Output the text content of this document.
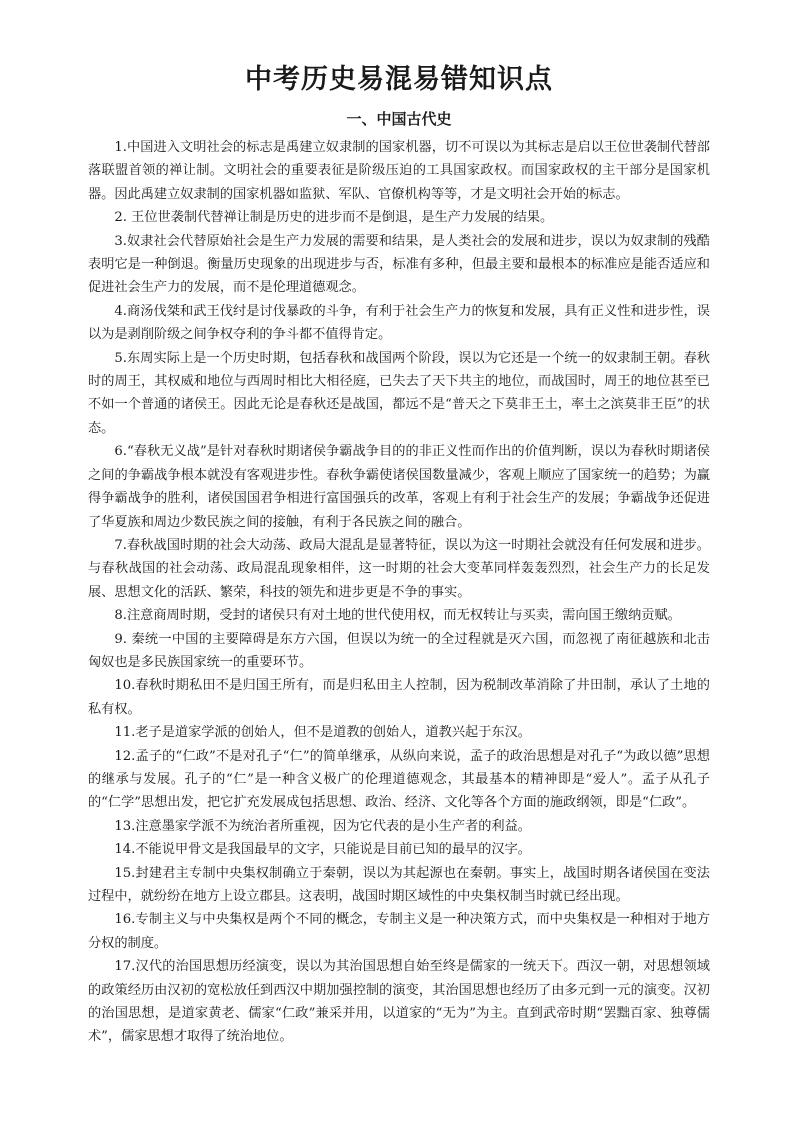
中考历史易混易错知识点
一、中国古代史

1.中国进入文明社会的标志是禹建立奴隶制的国家机器，切不可误以为其标志是启以王位世袭制代替部落联盟首领的禅让制。文明社会的重要表征是阶级压迫的工具国家政权。而国家政权的主干部分是国家机器。因此禹建立奴隶制的国家机器如监狱、军队、官僚机构等等，才是文明社会开始的标志。

2. 王位世袭制代替禅让制是历史的进步而不是倒退，是生产力发展的结果。

3.奴隶社会代替原始社会是生产力发展的需要和结果，是人类社会的发展和进步，误以为奴隶制的残酷表明它是一种倒退。衡量历史现象的出现进步与否，标准有多种，但最主要和最根本的标准应是能否适应和促进社会生产力的发展，而不是伦理道德观念。

4.商汤伐桀和武王伐纣是讨伐暴政的斗争，有利于社会生产力的恢复和发展，具有正义性和进步性，误以为是剥削阶级之间争权夺利的争斗都不值得肯定。

5.东周实际上是一个历史时期，包括春秋和战国两个阶段，误以为它还是一个统一的奴隶制王朝。春秋时的周王，其权威和地位与西周时相比大相径庭，已失去了天下共主的地位，而战国时，周王的地位甚至已不如一个普通的诸侯王。因此无论是春秋还是战国，都远不是“普天之下莫非王土，率土之滨莫非王臣”的状态。

6.“春秋无义战”是针对春秋时期诸侯争霸战争目的的非正义性而作出的价值判断，误以为春秋时期诸侯之间的争霸战争根本就没有客观进步性。春秋争霸使诸侯国数量减少，客观上顺应了国家统一的趋势；为赢得争霸战争的胜利，诸侯国国君争相进行富国强兵的改革，客观上有利于社会生产的发展；争霸战争还促进了华夏族和周边少数民族之间的接触，有利于各民族之间的融合。

7.春秋战国时期的社会大动荡、政局大混乱是显著特征，误以为这一时期社会就没有任何发展和进步。与春秋战国的社会动荡、政局混乱现象相伴，这一时期的社会大变革同样轰轰烈烈，社会生产力的长足发展、思想文化的活跃、繁荣，科技的领先和进步更是不争的事实。

8.注意商周时期，受封的诸侯只有对土地的世代使用权，而无权转让与买卖，需向国王缴纳贡赋。

9. 秦统一中国的主要障碍是东方六国，但误以为统一的全过程就是灭六国，而忽视了南征越族和北击匈奴也是多民族国家统一的重要环节。

10.春秋时期私田不是归国王所有，而是归私田主人控制，因为税制改革消除了井田制，承认了土地的私有权。

11.老子是道家学派的创始人，但不是道教的创始人，道教兴起于东汉。

12.孟子的“仁政”不是对孔子“仁”的简单继承，从纵向来说，孟子的政治思想是对孔子“为政以德”思想的继承与发展。孔子的“仁”是一种含义极广的伦理道德观念，其最基本的精神即是“爱人”。孟子从孔子的“仁学”思想出发，把它扩充发展成包括思想、政治、经济、文化等各个方面的施政纲领，即是“仁政”。

13.注意墨家学派不为统治者所重视，因为它代表的是小生产者的利益。

14.不能说甲骨文是我国最早的文字，只能说是目前已知的最早的汉字。

15.封建君主专制中央集权制确立于秦朝，误以为其起源也在秦朝。事实上，战国时期各诸侯国在变法过程中，就纷纷在地方上设立郡县。这表明，战国时期区域性的中央集权制当时就已经出现。

16.专制主义与中央集权是两个不同的概念，专制主义是一种决策方式，而中央集权是一种相对于地方分权的制度。

17.汉代的治国思想历经演变，误以为其治国思想自始至终是儒家的一统天下。西汉一朝，对思想领域的政策经历由汉初的宽松放任到西汉中期加强控制的演变，其治国思想也经历了由多元到一元的演变。汉初的治国思想，是道家黄老、儒家“仁政”兼采并用，以道家的“无为”为主。直到武帝时期“罢黜百家、独尊儒术”，儒家思想才取得了统治地位。
